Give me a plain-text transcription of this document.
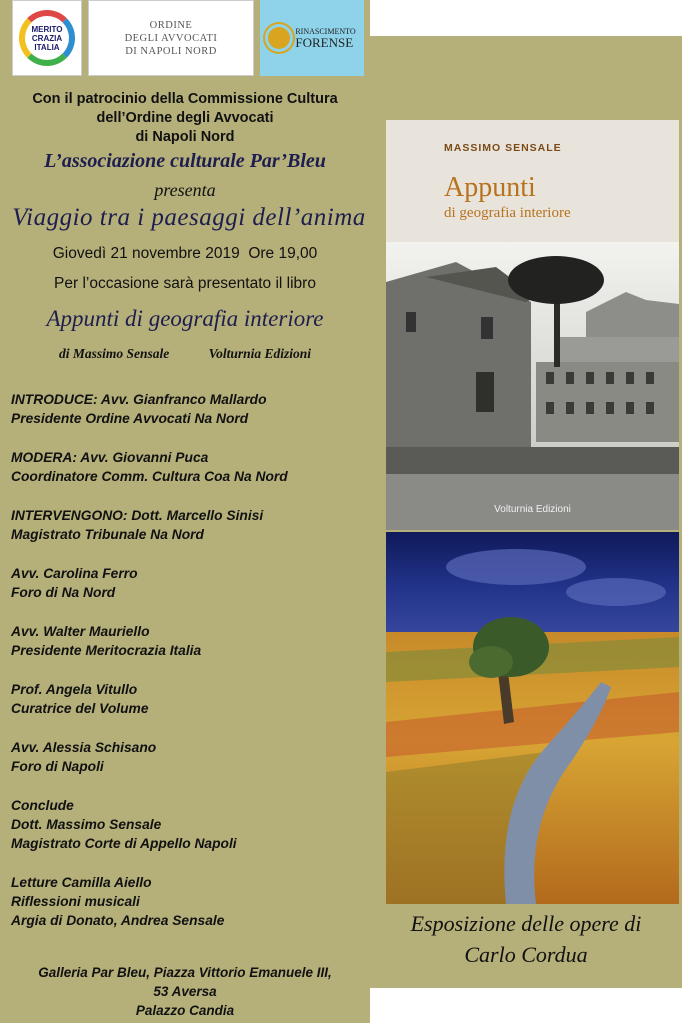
MERITO
CRAZIA
ITALIA
ORDINE
DEGLI AVVOCATI
DI NAPOLI NORD
RINASCIMENTO
FORENSE
Con il patrocinio della Commissione Cultura
dell’Ordine degli Avvocati
di Napoli Nord
L’associazione culturale Par’Bleu
presenta
Viaggio tra i paesaggi dell’anima
Giovedì 21 novembre 2019  Ore 19,00
Per l’occasione sarà presentato il libro
Appunti di geografia interiore
di Massimo Sensale	Volturnia Edizioni
INTRODUCE: Avv. Gianfranco Mallardo
Presidente Ordine Avvocati Na Nord
MODERA: Avv. Giovanni Puca
Coordinatore Comm. Cultura Coa Na Nord
INTERVENGONO: Dott. Marcello Sinisi
Magistrato Tribunale Na Nord
Avv. Carolina Ferro
Foro di Na Nord
Avv. Walter Mauriello
Presidente Meritocrazia Italia
Prof. Angela Vitullo
Curatrice del Volume
Avv. Alessia Schisano
Foro di Napoli
Conclude
Dott. Massimo Sensale
Magistrato Corte di Appello Napoli
Letture Camilla Aiello
Riflessioni musicali
Argia di Donato, Andrea Sensale
Galleria Par Bleu, Piazza Vittorio Emanuele III,
53 Aversa
Palazzo Candia
MASSIMO SENSALE
Appunti
di geografia interiore
Volturnia Edizioni
Esposizione delle opere di
Carlo Cordua
